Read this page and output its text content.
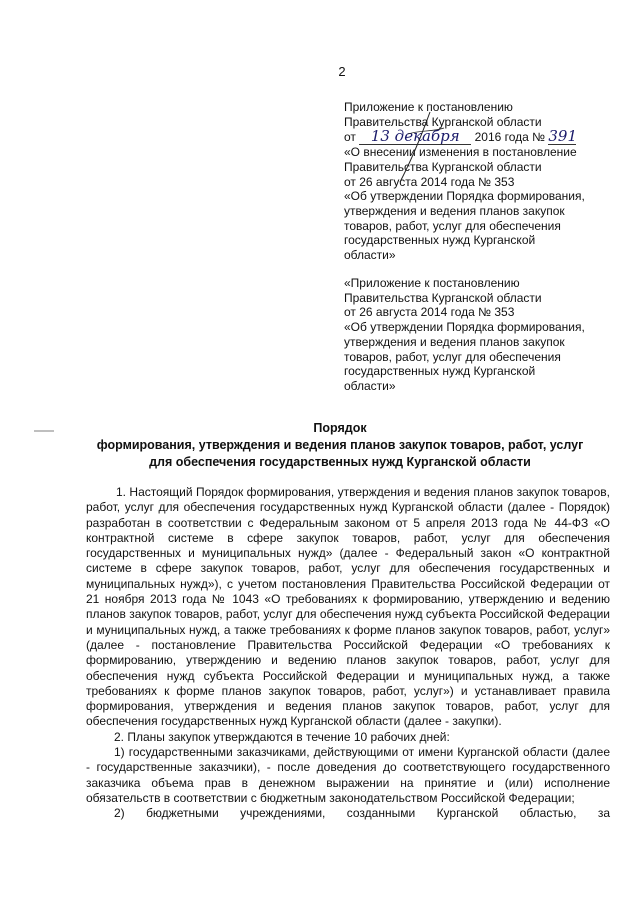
2
Приложение к постановлению
Правительства Курганской области
от 13 декабря 2016 года № 391
«О внесении изменения в постановление
Правительства Курганской области
от 26 августа 2014 года № 353
«Об утверждении Порядка формирования,
утверждения и ведения планов закупок
товаров, работ, услуг для обеспечения
государственных нужд Курганской
области»
«Приложение к постановлению
Правительства Курганской области
от 26 августа 2014 года № 353
«Об утверждении Порядка формирования,
утверждения и ведения планов закупок
товаров, работ, услуг для обеспечения
государственных нужд Курганской
области»
Порядок
формирования, утверждения и ведения планов закупок товаров, работ, услуг
для обеспечения государственных нужд Курганской области

1. Настоящий Порядок формирования, утверждения и ведения планов закупок товаров, работ, услуг для обеспечения государственных нужд Курганской области (далее - Порядок) разработан в соответствии с Федеральным законом от 5 апреля 2013 года № 44-ФЗ «О контрактной системе в сфере закупок товаров, работ, услуг для обеспечения государственных и муниципальных нужд» (далее - Федеральный закон «О контрактной системе в сфере закупок товаров, работ, услуг для обеспечения государственных и муниципальных нужд»), с учетом постановления Правительства Российской Федерации от 21 ноября 2013 года № 1043 «О требованиях к формированию, утверждению и ведению планов закупок товаров, работ, услуг для обеспечения нужд субъекта Российской Федерации и муниципальных нужд, а также требованиях к форме планов закупок товаров, работ, услуг» (далее - постановление Правительства Российской Федерации «О требованиях к формированию, утверждению и ведению планов закупок товаров, работ, услуг для обеспечения нужд субъекта Российской Федерации и муниципальных нужд, а также требованиях к форме планов закупок товаров, работ, услуг») и устанавливает правила формирования, утверждения и ведения планов закупок товаров, работ, услуг для обеспечения государственных нужд Курганской области (далее - закупки).

2. Планы закупок утверждаются в течение 10 рабочих дней:

1) государственными заказчиками, действующими от имени Курганской области (далее - государственные заказчики), - после доведения до соответствующего государственного заказчика объема прав в денежном выражении на принятие и (или) исполнение обязательств в соответствии с бюджетным законодательством Российской Федерации;

2) бюджетными учреждениями, созданными Курганской областью, за
